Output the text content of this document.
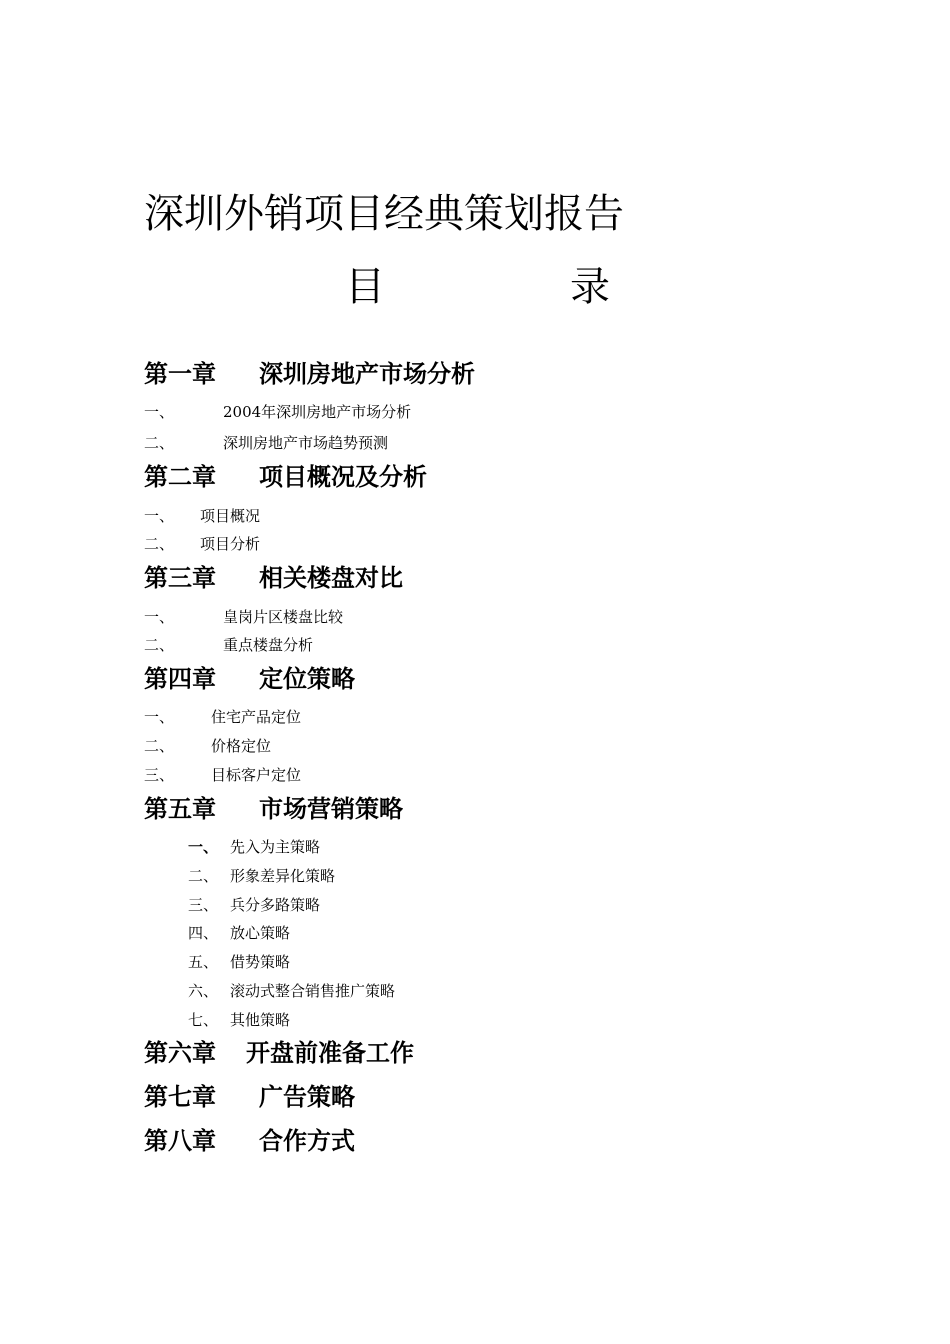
深圳外销项目经典策划报告
目	录
第一章 深圳房地产市场分析
一、	2004年深圳房地产市场分析
二、	深圳房地产市场趋势预测
第二章 项目概况及分析
一、 项目概况
二、 项目分析
第三章 相关楼盘对比
一、	皇岗片区楼盘比较
二、	重点楼盘分析
第四章 定位策略
一、 住宅产品定位
二、 价格定位
三、 目标客户定位
第五章 市场营销策略
一、 先入为主策略
二、 形象差异化策略
三、 兵分多路策略
四、 放心策略
五、 借势策略
六、 滚动式整合销售推广策略
七、 其他策略
第六章 开盘前准备工作
第七章 广告策略
第八章 合作方式
